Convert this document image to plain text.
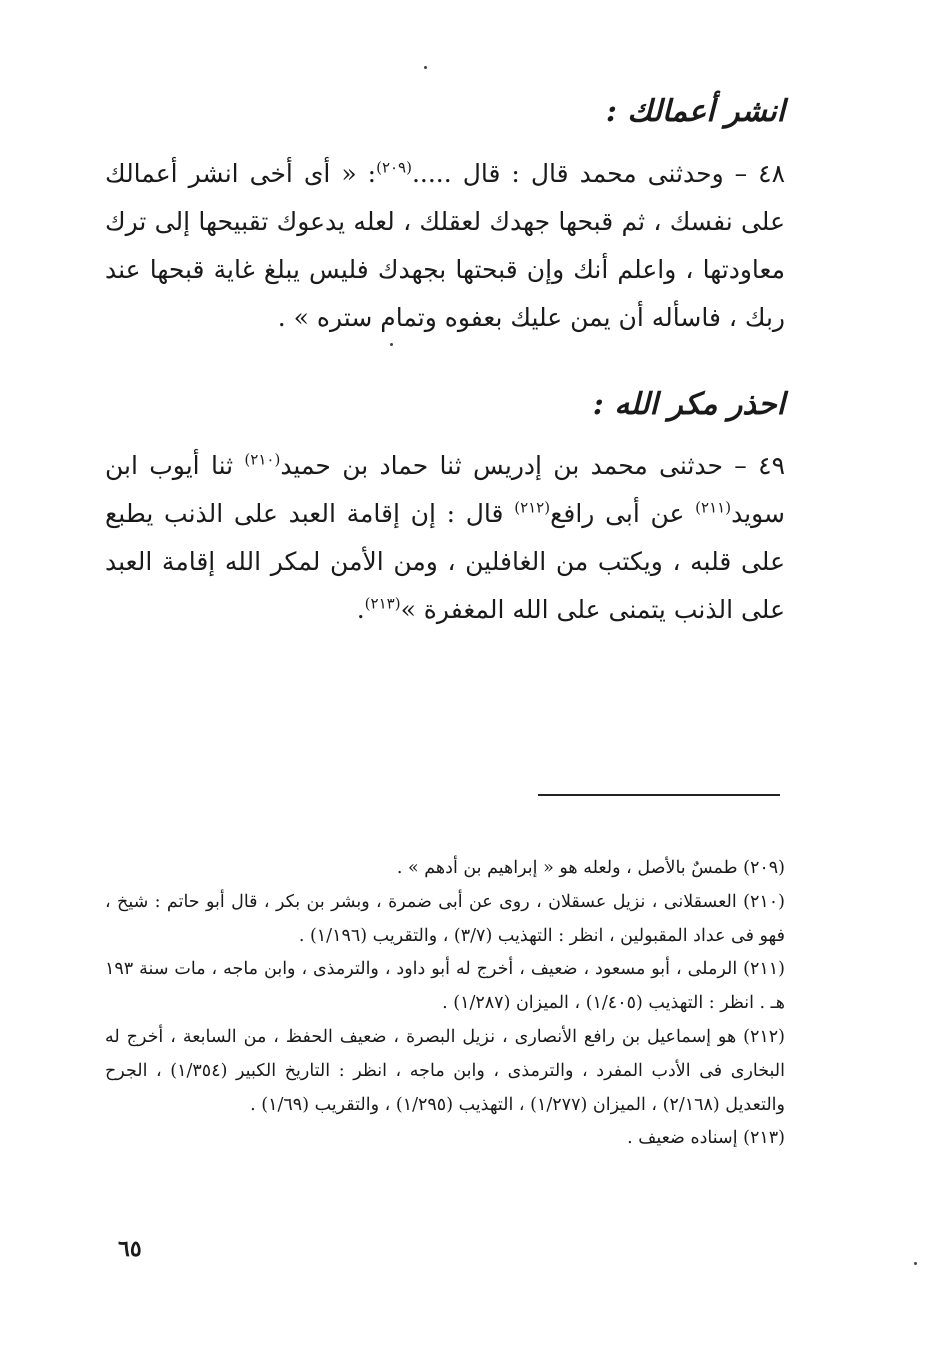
انشر أعمالك :
٤٨ – وحدثنى محمد قال : قال .....$^{(٢٠٩)}$: « أى أخى انشر أعمالك على نفسك ، ثم قبحها جهدك لعقلك ، لعله يدعوك تقبيحها إلى ترك معاودتها ، واعلم أنك وإن قبحتها بجهدك فليس يبلغ غاية قبحها عند ربك ، فاسأله أن يمن عليك بعفوه وتمام ستره » .
احذر مكر الله :
٤٩ – حدثنى محمد بن إدريس ثنا حماد بن حميد$^{(٢١٠)}$ ثنا أيوب ابن سويد$^{(٢١١)}$ عن أبى رافع$^{(٢١٢)}$ قال : إن إقامة العبد على الذنب يطبع على قلبه ، ويكتب من الغافلين ، ومن الأمن لمكر الله إقامة العبد على الذنب يتمنى على الله المغفرة »$^{(٢١٣)}$.
(٢٠٩) طمسٌ بالأصل ، ولعله هو « إبراهيم بن أدهم » .
(٢١٠) العسقلانى ، نزيل عسقلان ، روى عن أبى ضمرة ، وبشر بن بكر ، قال أبو حاتم : شيخ ، فهو فى عداد المقبولين ، انظر : التهذيب (٣/٧) ، والتقريب (١/١٩٦) .
(٢١١) الرملى ، أبو مسعود ، ضعيف ، أخرج له أبو داود ، والترمذى ، وابن ماجه ، مات سنة ١٩٣ هـ . انظر : التهذيب (١/٤٠٥) ، الميزان (١/٢٨٧) .
(٢١٢) هو إسماعيل بن رافع الأنصارى ، نزيل البصرة ، ضعيف الحفظ ، من السابعة ، أخرج له البخارى فى الأدب المفرد ، والترمذى ، وابن ماجه ، انظر : التاريخ الكبير (١/٣٥٤) ، الجرح والتعديل (٢/١٦٨) ، الميزان (١/٢٧٧) ، التهذيب (١/٢٩٥) ، والتقريب (١/٦٩) .
(٢١٣) إسناده ضعيف .
٦٥
